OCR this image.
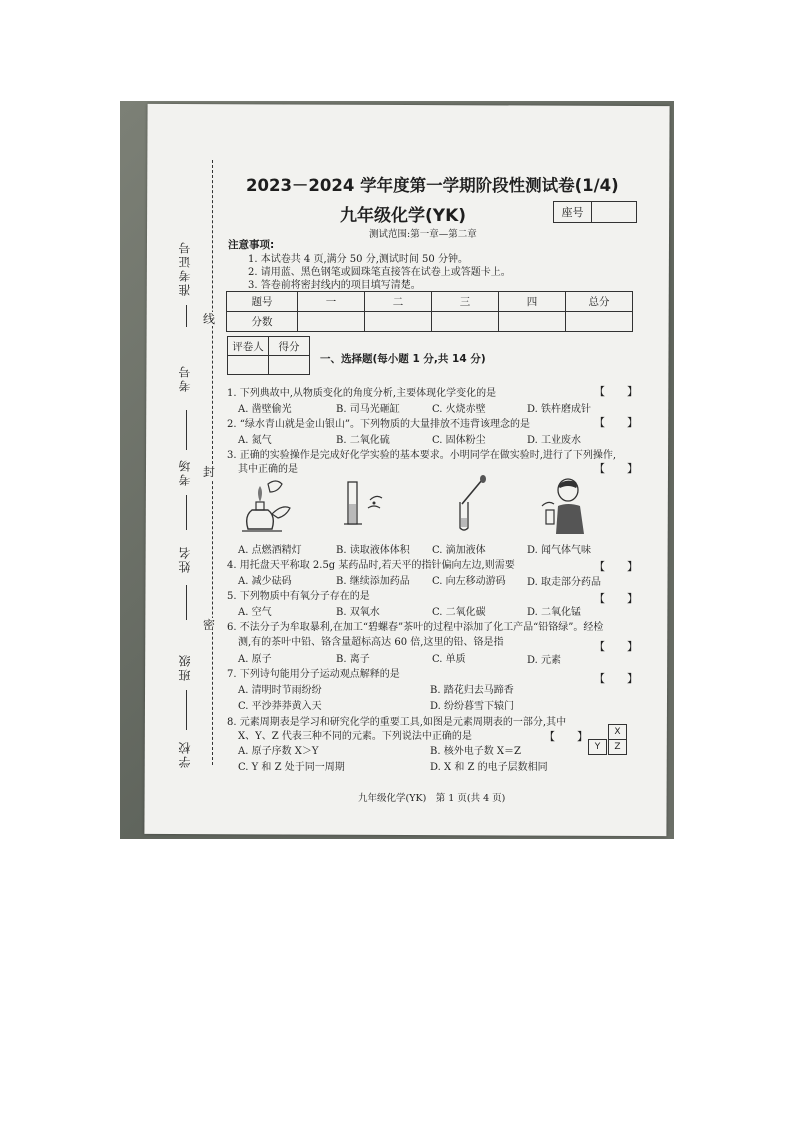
线
封
密
准考证号
考号
考场
姓名
班级
学校
2023－2024 学年度第一学期阶段性测试卷(1/4)
九年级化学(YK)	座号
测试范围:第一章—第二章
注意事项:
1. 本试卷共 4 页,满分 50 分,测试时间 50 分钟。
2. 请用蓝、黑色钢笔或圆珠笔直接答在试卷上或答题卡上。
3. 答卷前将密封线内的项目填写清楚。
题号	一	二	三	四	总分
分数					
评卷人	得分

一、选择题(每小题 1 分,共 14 分)
1. 下列典故中,从物质变化的角度分析,主要体现化学变化的是	【　　】
A. 凿壁偷光	B. 司马光砸缸	C. 火烧赤壁	D. 铁杵磨成针
2. “绿水青山就是金山银山”。下列物质的大量排放不违背该理念的是	【　　】
A. 氮气	B. 二氧化硫	C. 固体粉尘	D. 工业废水
3. 正确的实验操作是完成好化学实验的基本要求。小明同学在做实验时,进行了下列操作,
其中正确的是	【　　】
A. 点燃酒精灯	B. 读取液体体积 C. 滴加液体	D. 闻气体气味
4. 用托盘天平称取 2.5g 某药品时,若天平的指针偏向左边,则需要	【　　】
A. 减少砝码	B. 继续添加药品 C. 向左移动游码 D. 取走部分药品
5. 下列物质中有氧分子存在的是	【　　】
A. 空气	B. 双氧水	C. 二氧化碳	D. 二氧化锰
6. 不法分子为牟取暴利,在加工“碧螺春”茶叶的过程中添加了化工产品“铅铬绿”。经检
测,有的茶叶中铅、铬含量超标高达 60 倍,这里的铅、铬是指	【　　】
A. 原子	B. 离子	C. 单质	D. 元素
7. 下列诗句能用分子运动观点解释的是	【　　】
A. 清明时节雨纷纷	B. 踏花归去马蹄香
C. 平沙莽莽黄入天	D. 纷纷暮雪下辕门
8. 元素周期表是学习和研究化学的重要工具,如图是元素周期表的一部分,其中
X、Y、Z 代表三种不同的元素。下列说法中正确的是	【　　】
A. 原子序数 X＞Y	B. 核外电子数 X＝Z
C. Y 和 Z 处于同一周期	D. X 和 Z 的电子层数相同
X
Y	Z
九年级化学(YK)　第 1 页(共 4 页)
